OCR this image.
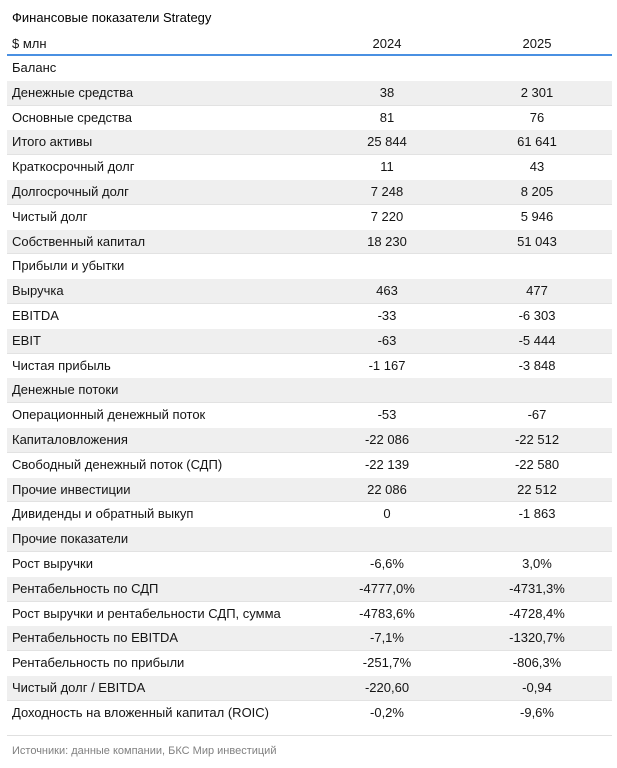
Финансовые показатели Strategy
$ млн	2024	2025
Баланс
Денежные средства	38	2 301
Основные средства	81	76
Итого активы	25 844	61 641
Краткосрочный долг	11	43
Долгосрочный долг	7 248	8 205
Чистый долг	7 220	5 946
Собственный капитал	18 230	51 043
Прибыли и убытки
Выручка	463	477
EBITDA	-33	-6 303
EBIT	-63	-5 444
Чистая прибыль	-1 167	-3 848
Денежные потоки
Операционный денежный поток	-53	-67
Капиталовложения	-22 086	-22 512
Свободный денежный поток (СДП)	-22 139	-22 580
Прочие инвестиции	22 086	22 512
Дивиденды и обратный выкуп	0	-1 863
Прочие показатели
Рост выручки	-6,6%	3,0%
Рентабельность по СДП	-4777,0%	-4731,3%
Рост выручки и рентабельности СДП, сумма	-4783,6%	-4728,4%
Рентабельность по EBITDA	-7,1%	-1320,7%
Рентабельность по прибыли	-251,7%	-806,3%
Чистый долг / EBITDA	-220,60	-0,94
Доходность на вложенный капитал (ROIC)	-0,2%	-9,6%
Источники: данные компании, БКС Мир инвестиций
